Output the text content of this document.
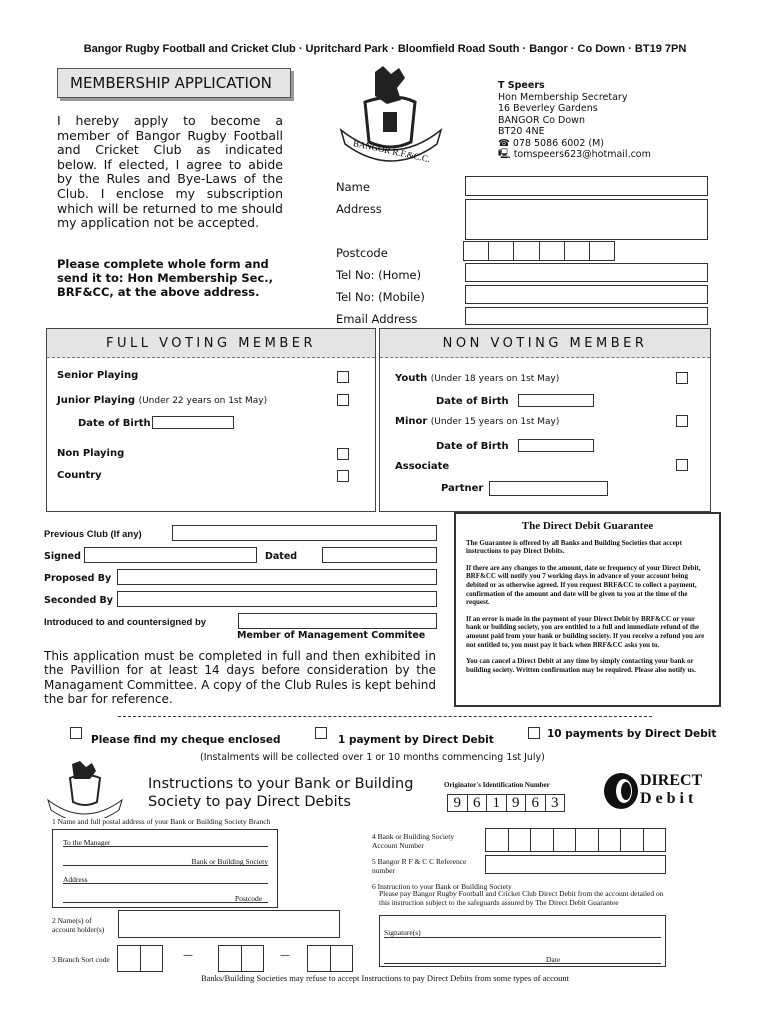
Bangor Rugby Football and Cricket Club · Upritchard Park · Bloomfield Road South · Bangor · Co Down · BT19 7PN
MEMBERSHIP APPLICATION
I hereby apply to become a member of Bangor Rugby Football and Cricket Club as indicated below. If elected, I agree to abide by the Rules and Bye-Laws of the Club. I enclose my subscription which will be returned to me should my application not be accepted.
Please complete whole form and send it to: Hon Membership Sec., BRF&CC, at the above address.
BANGOR R.F.&C.C.
T Speers
Hon Membership Secretary
16 Beverley Gardens
BANGOR Co Down
BT20 4NE
☎ 078 5086 6002 (M)
🖳 tomspeers623@hotmail.com
Name
Address
Postcode
Tel No: (Home)
Tel No: (Mobile)
Email Address
FULL VOTING MEMBER
Senior Playing
Junior Playing (Under 22 years on 1st May)
Date of Birth
Non Playing
Country
NON VOTING MEMBER
Youth (Under 18 years on 1st May)
Date of Birth
Minor (Under 15 years on 1st May)
Date of Birth
Associate
Partner
Previous Club (If any)
Signed	Dated
Proposed By
Seconded By
Introduced to and countersigned by
Member of Management Commitee
This application must be completed in full and then exhibited in the Pavillion for at least 14 days before consideration by the Managament Committee. A copy of the Club Rules is kept behind the bar for reference.
The Direct Debit Guarantee

The Guarantee is offered by all Banks and Building Societies that accept instructions to pay Direct Debits.

If there are any changes to the amount, date or frequency of your Direct Debit, BRF&CC will notify you 7 working days in advance of your account being debited or as otherwise agreed. If you request BRF&CC to collect a payment, confirmation of the amount and date will be given to you at the time of the request.

If an error is made in the payment of your Direct Debit by BRF&CC or your bank or building society, you are entitled to a full and immediate refund of the amount paid from your bank or building society. If you receive a refund you are not entitled to, you must pay it back when BRF&CC asks you to.

You can cancel a Direct Debit at any time by simply contacting your bank or building society. Written confirmation may be required. Please also notify us.

Please find my cheque enclosed	1 payment by Direct Debit	10 payments by Direct Debit
(Instalments will be collected over 1 or 10 months commencing 1st July)
Instructions to your Bank or Building Society to pay Direct Debits
Originator's Identification Number
9 6 1 9 6 3
DIRECT
Debit
1 Name and full postal address of your Bank or Building Society Branch
To the Manager
Bank or Building Society
Address
Postcode
2 Name(s) of account holder(s)
3 Branch Sort code	—	—
4 Bank or Building Society Account Number
5 Bangor R F & C C Reference number
6 Instruction to your Bank or Building Society
Please pay Bangor Rugby Football and Cricket Club Direct Debit from the account detailed on this instruction subject to the safeguards assured by The Direct Debit Guarantee
Signature(s)
Date
Banks/Building Societies may refuse to accept Instructions to pay Direct Debits from some types of account
